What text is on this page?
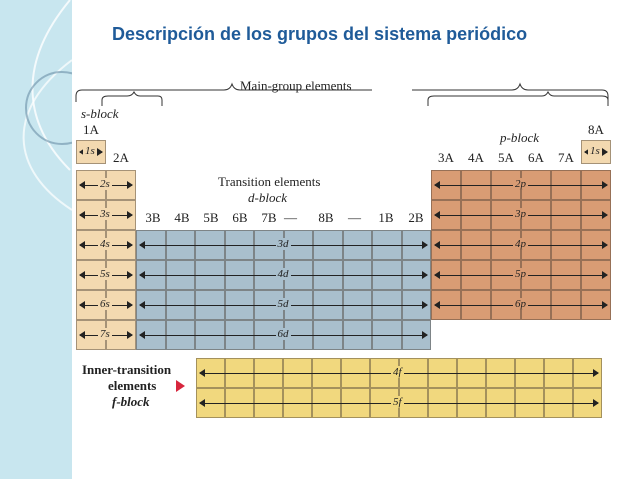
Descripción de los grupos del sistema periódico
Main-group elements
s-block
p-block
Transition elements
d-block
1A
2A
3B	4B	5B	6B	7B —	8B	—	1B	2B
3A	4A	5A	6A	7A
8A
1s	1s
2s
3s
4s
5s
6s
7s
3d
4d
5d
6d
2p
3p
4p
5p
6p
4f
5f
Inner-transition
elements
f-block
